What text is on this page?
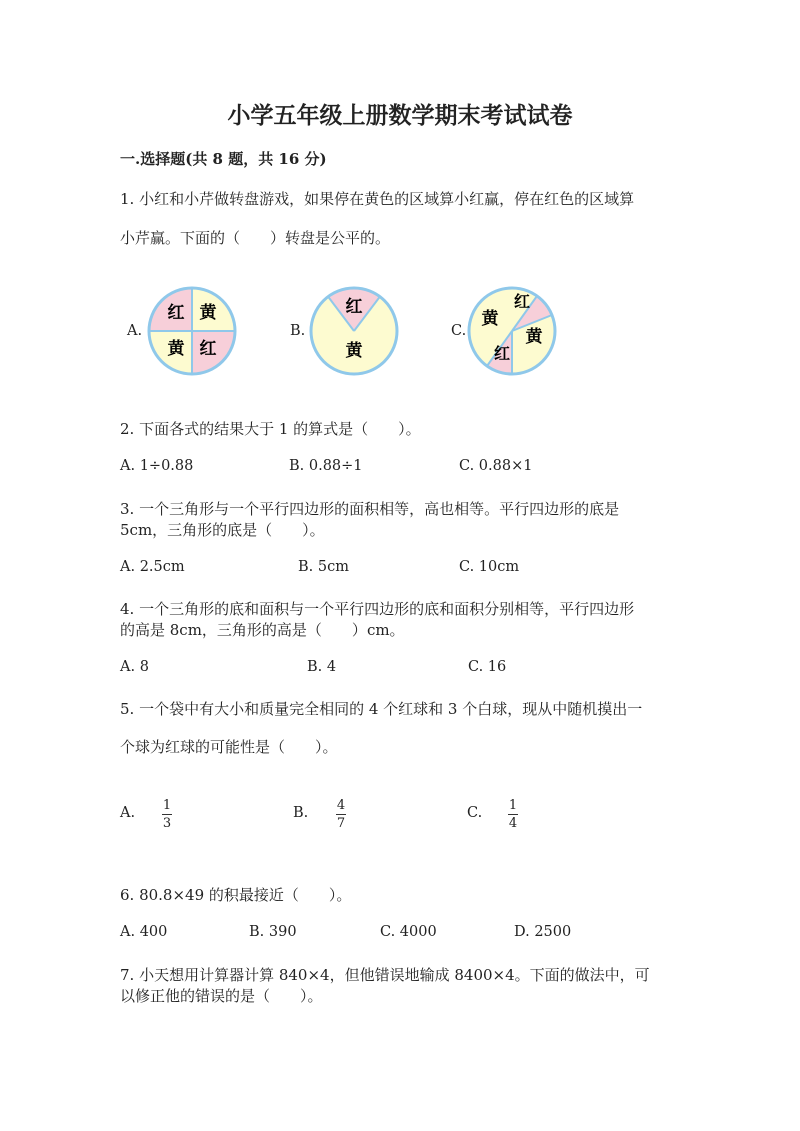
小学五年级上册数学期末考试试卷
一.选择题(共 8 题，共 16 分)
1. 小红和小芹做转盘游戏，如果停在黄色的区域算小红赢，停在红色的区域算
小芹赢。下面的（　　）转盘是公平的。
A.
红 黄
黄 红
B.
红
黄
C.
黄
红
黄
红
2. 下面各式的结果大于 1 的算式是（　　）。
A. 1÷0.88	B. 0.88÷1	C. 0.88×1
3. 一个三角形与一个平行四边形的面积相等，高也相等。平行四边形的底是
5cm，三角形的底是（　　）。
A. 2.5cm	B. 5cm	C. 10cm
4. 一个三角形的底和面积与一个平行四边形的底和面积分别相等，平行四边形
的高是 8cm，三角形的高是（　　）cm。
A. 8	B. 4	C. 16
5. 一个袋中有大小和质量完全相同的 4 个红球和 3 个白球，现从中随机摸出一
个球为红球的可能性是（　　）。
A. 1
3
B. 4
7
C. 1
4
6. 80.8×49 的积最接近（　　）。
A. 400	B. 390	C. 4000	D. 2500
7. 小天想用计算器计算 840×4，但他错误地输成 8400×4。下面的做法中，可
以修正他的错误的是（　　）。
